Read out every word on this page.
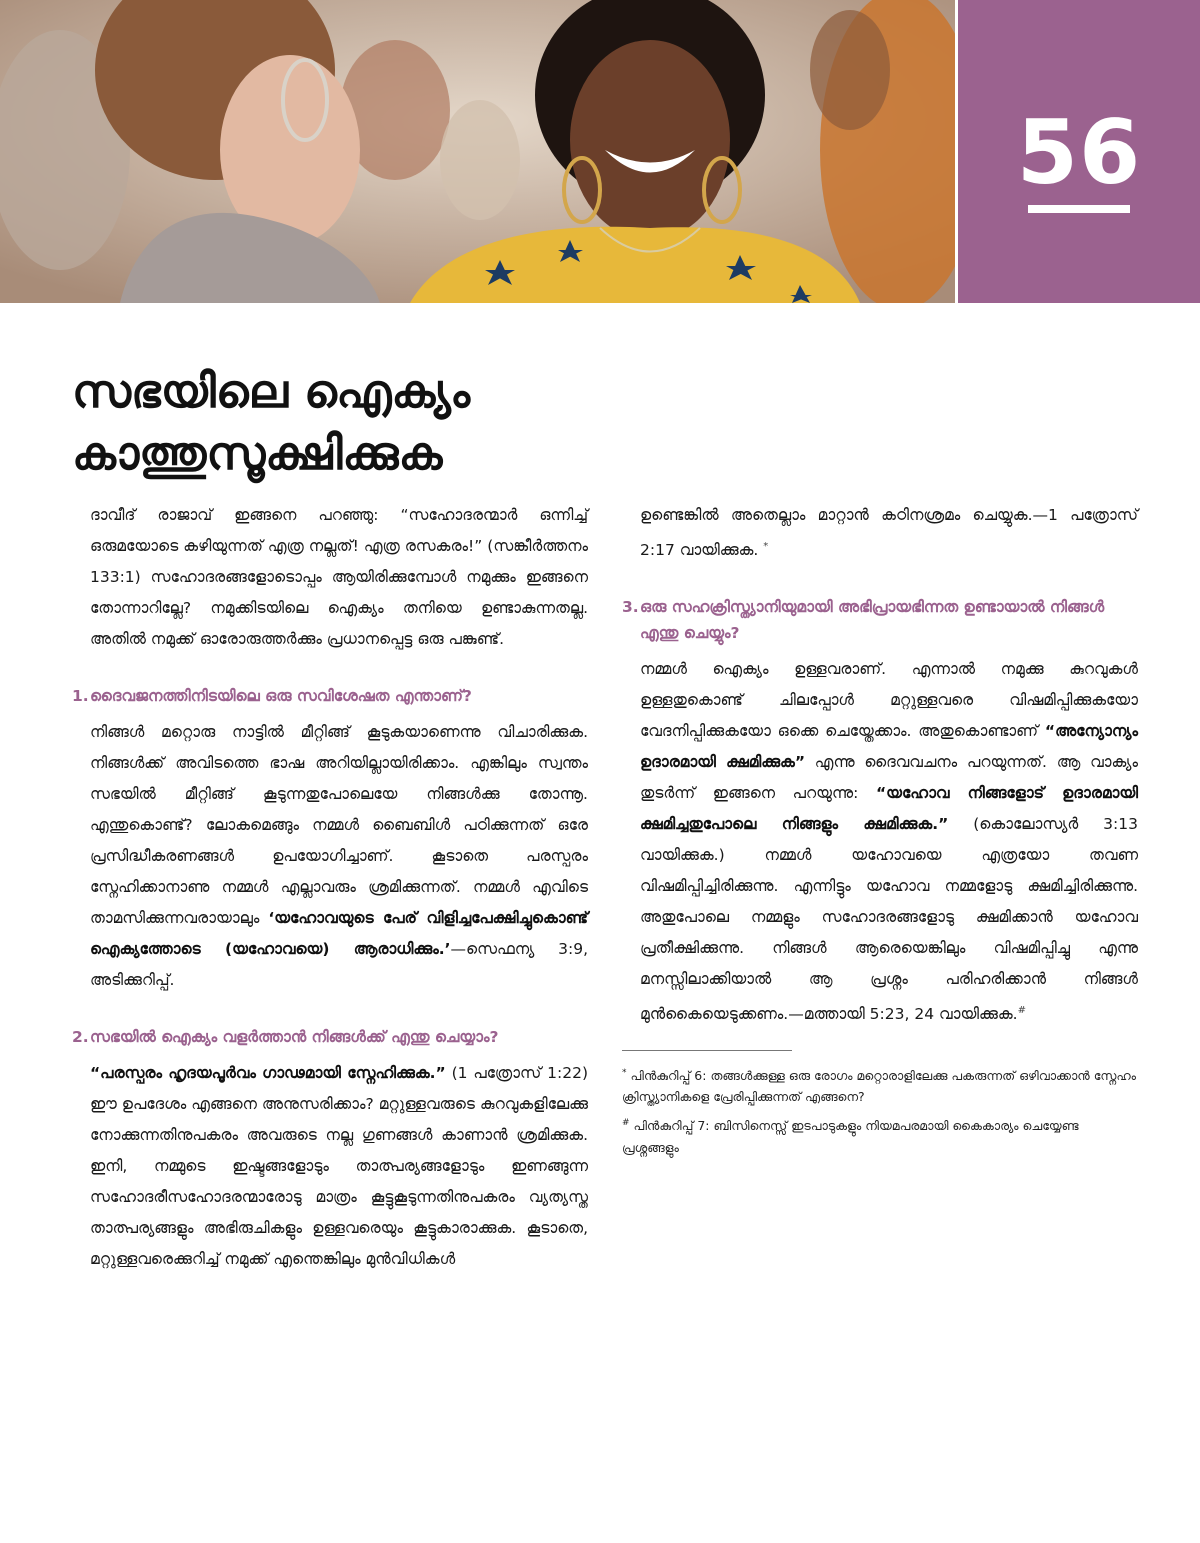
56
സഭയിലെ ഐക്യം
കാത്തുസൂക്ഷിക്കുക

ദാവീദ് രാജാവ് ഇങ്ങനെ പറഞ്ഞു: “സഹോദരന്മാർ ഒന്നിച്ച് ഒരുമയോടെ കഴിയുന്നത് എത്ര നല്ലത്! എത്ര രസകരം!” (സങ്കീർത്തനം 133:1) സഹോദരങ്ങളോടൊപ്പം ആയിരിക്കുമ്പോൾ നമുക്കും ഇങ്ങനെ തോന്നാറില്ലേ? നമുക്കിടയിലെ ഐക്യം തനിയെ ഉണ്ടാകുന്നതല്ല. അതിൽ നമുക്ക് ഓരോരുത്തർക്കും പ്രധാനപ്പെട്ട ഒരു പങ്കുണ്ട്.

1. ദൈവജനത്തിനിടയിലെ ഒരു സവിശേഷത എന്താണ്?

നിങ്ങൾ മറ്റൊരു നാട്ടിൽ മീറ്റിങ്ങ് കൂടുകയാണെന്നു വിചാരിക്കുക. നിങ്ങൾക്ക് അവിടത്തെ ഭാഷ അറിയില്ലായിരിക്കാം. എങ്കിലും സ്വന്തം സഭയിൽ മീറ്റിങ്ങ് കൂടുന്നതുപോലെയേ നിങ്ങൾക്കു തോന്നൂ. എന്തുകൊണ്ട്? ലോകമെങ്ങും നമ്മൾ ബൈബിൾ പഠിക്കുന്നത് ഒരേ പ്രസിദ്ധീകരണങ്ങൾ ഉപയോഗിച്ചാണ്. കൂടാതെ പരസ്പരം സ്നേഹിക്കാനാണു നമ്മൾ എല്ലാവരും ശ്രമിക്കുന്നത്. നമ്മൾ എവിടെ താമസിക്കുന്നവരായാലും ‘യഹോവയുടെ പേര് വിളിച്ചപേക്ഷിച്ചുകൊണ്ട് ഐക്യത്തോടെ (യഹോവയെ) ആരാധിക്കും.’—സെഫന്യ 3:9, അടിക്കുറിപ്പ്.

2. സഭയിൽ ഐക്യം വളർത്താൻ നിങ്ങൾക്ക് എന്തു ചെയ്യാം?

“പരസ്പരം ഹൃദയപൂർവം ഗാഢമായി സ്നേഹിക്കുക.” (1 പത്രോസ് 1:22) ഈ ഉപദേശം എങ്ങനെ അനുസരിക്കാം? മറ്റുള്ളവരുടെ കുറവുകളിലേക്കു നോക്കുന്നതിനുപകരം അവരുടെ നല്ല ഗുണങ്ങൾ കാണാൻ ശ്രമിക്കുക. ഇനി, നമ്മുടെ ഇഷ്ടങ്ങളോടും താത്പര്യങ്ങളോടും ഇണങ്ങുന്ന സഹോദരീസഹോദരന്മാരോടു മാത്രം കൂട്ടുകൂടുന്നതിനുപകരം വ്യത്യസ്ത താത്പര്യങ്ങളും അഭിരുചികളും ഉള്ളവരെയും കൂട്ടുകാരാക്കുക. കൂടാതെ, മറ്റുള്ളവരെക്കുറിച്ച് നമുക്ക് എന്തെങ്കിലും മുൻവിധികൾ

ഉണ്ടെങ്കിൽ അതെല്ലാം മാറ്റാൻ കഠിനശ്രമം ചെയ്യുക.—1 പത്രോസ് 2:17 വായിക്കുക. *

3. ഒരു സഹക്രിസ്ത്യാനിയുമായി അഭിപ്രായഭിന്നത ഉണ്ടായാൽ നിങ്ങൾ എന്തു ചെയ്യും?

നമ്മൾ ഐക്യം ഉള്ളവരാണ്. എന്നാൽ നമുക്കു കുറവുകൾ ഉള്ളതുകൊണ്ട് ചിലപ്പോൾ മറ്റുള്ളവരെ വിഷമിപ്പിക്കുകയോ വേദനിപ്പിക്കുകയോ ഒക്കെ ചെയ്തേക്കാം. അതുകൊണ്ടാണ് “അന്യോന്യം ഉദാരമായി ക്ഷമിക്കുക” എന്നു ദൈവവചനം പറയുന്നത്. ആ വാക്യം തുടർന്ന് ഇങ്ങനെ പറയുന്നു: “യഹോവ നിങ്ങളോട് ഉദാരമായി ക്ഷമിച്ചതുപോലെ നിങ്ങളും ക്ഷമിക്കുക.” (കൊലോസ്യർ 3:13 വായിക്കുക.) നമ്മൾ യഹോവയെ എത്രയോ തവണ വിഷമിപ്പിച്ചിരിക്കുന്നു. എന്നിട്ടും യഹോവ നമ്മളോടു ക്ഷമിച്ചിരിക്കുന്നു. അതുപോലെ നമ്മളും സഹോദരങ്ങളോടു ക്ഷമിക്കാൻ യഹോവ പ്രതീക്ഷിക്കുന്നു. നിങ്ങൾ ആരെയെങ്കിലും വിഷമിപ്പിച്ചു എന്നു മനസ്സിലാക്കിയാൽ ആ പ്രശ്നം പരിഹരിക്കാൻ നിങ്ങൾ മുൻകൈയെടുക്കണം.—മത്തായി 5:23, 24 വായിക്കുക.#

* പിൻകുറിപ്പ് 6: തങ്ങൾക്കുള്ള ഒരു രോഗം മറ്റൊരാളിലേക്കു പകരുന്നത് ഒഴിവാക്കാൻ സ്നേഹം ക്രിസ്ത്യാനികളെ പ്രേരിപ്പിക്കുന്നത് എങ്ങനെ?

# പിൻകുറിപ്പ് 7: ബിസിനെസ്സ് ഇടപാടുകളും നിയമപരമായി കൈകാര്യം ചെയ്യേണ്ട പ്രശ്നങ്ങളും
